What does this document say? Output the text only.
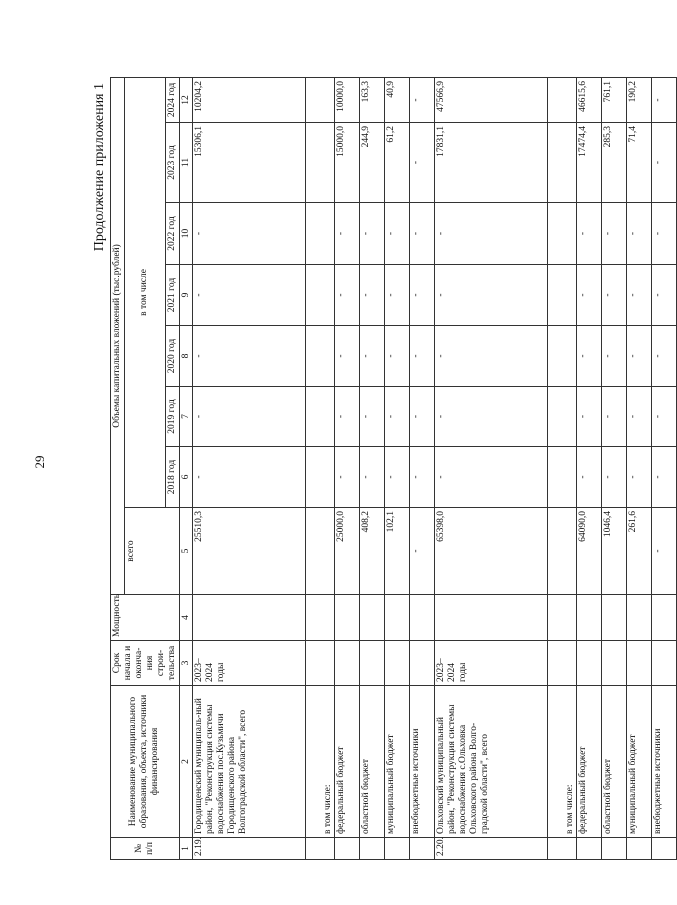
29
Продолжение приложения 1
№
п/п	Наименование муниципального образования, объекта, источники финансирования	Срок начала и оконча-ния строи-тельства	Мощность	Объемы капитальных вложений (тыс.рублей)							
				всего	в том числе						
					2018 год	2019 год	2020 год	2021 год	2022 год	2023 год	2024 год
1	2	3	4	5	6	7	8	9	10	11	12
2.19.	Городищенский муниципаль-ный район, "Реконструкция системы водоснабжения пос.Кузьмичи Городищенского района Волгоградской области", всего	2023–2024 годы		25510,3	-	-	-	-	-	15306,1	10204,2
	в том числе:										
	федеральный бюджет			25000,0	-	-	-	-	-	15000,0	10000,0
	областной бюджет			408,2	-	-	-	-	-	244,9	163,3
	муниципальный бюджет			102,1	-	-	-	-	-	61,2	40,9
	внебюджетные источники			-	-	-	-	-	-	-	-
2.20.	Ольховский муниципальный район, "Реконструкция системы водоснабжения с.Ольховка Ольховского района Волго-градской области", всего	2023–2024 годы		65398,0	-	-	-	-	-	17831,1	47566,9
	в том числе:										
	федеральный бюджет			64090,0	-	-	-	-	-	17474,4	46615,6
	областной бюджет			1046,4	-	-	-	-	-	285,3	761,1
	муниципальный бюджет			261,6	-	-	-	-	-	71,4	190,2
	внебюджетные источники			-	-	-	-	-	-	-	-
